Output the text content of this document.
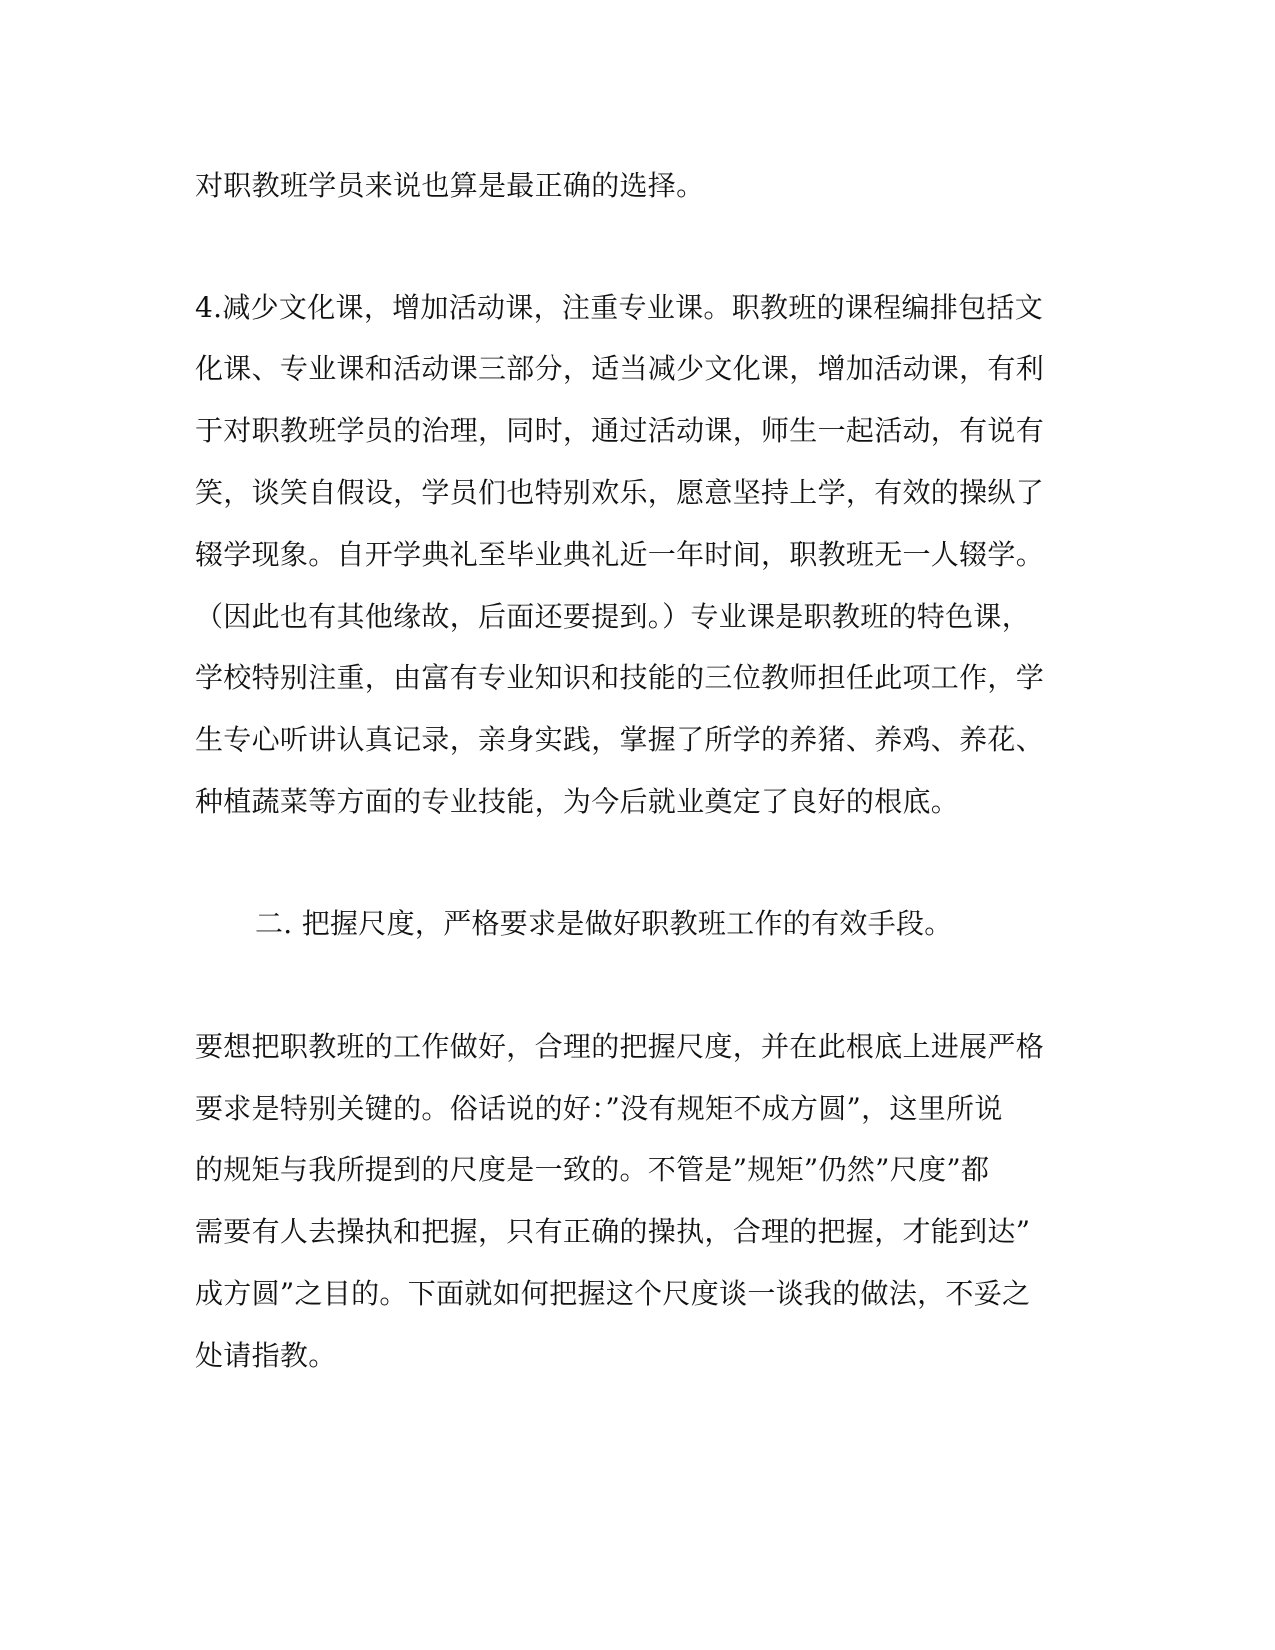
对职教班学员来说也算是最正确的选择。
4.减少文化课，增加活动课，注重专业课。职教班的课程编排包括文
化课、专业课和活动课三部分，适当减少文化课，增加活动课，有利
于对职教班学员的治理，同时，通过活动课，师生一起活动，有说有
笑，谈笑自假设，学员们也特别欢乐，愿意坚持上学，有效的操纵了
辍学现象。自开学典礼至毕业典礼近一年时间，职教班无一人辍学。
（因此也有其他缘故，后面还要提到。）专业课是职教班的特色课，
学校特别注重，由富有专业知识和技能的三位教师担任此项工作，学
生专心听讲认真记录，亲身实践，掌握了所学的养猪、养鸡、养花、
种植蔬菜等方面的专业技能，为今后就业奠定了良好的根底。
二. 把握尺度，严格要求是做好职教班工作的有效手段。
要想把职教班的工作做好，合理的把握尺度，并在此根底上进展严格
要求是特别关键的。俗话说的好：”没有规矩不成方圆”，这里所说
的规矩与我所提到的尺度是一致的。不管是”规矩”仍然”尺度”都
需要有人去操执和把握，只有正确的操执，合理的把握，才能到达”
成方圆”之目的。下面就如何把握这个尺度谈一谈我的做法，不妥之
处请指教。
